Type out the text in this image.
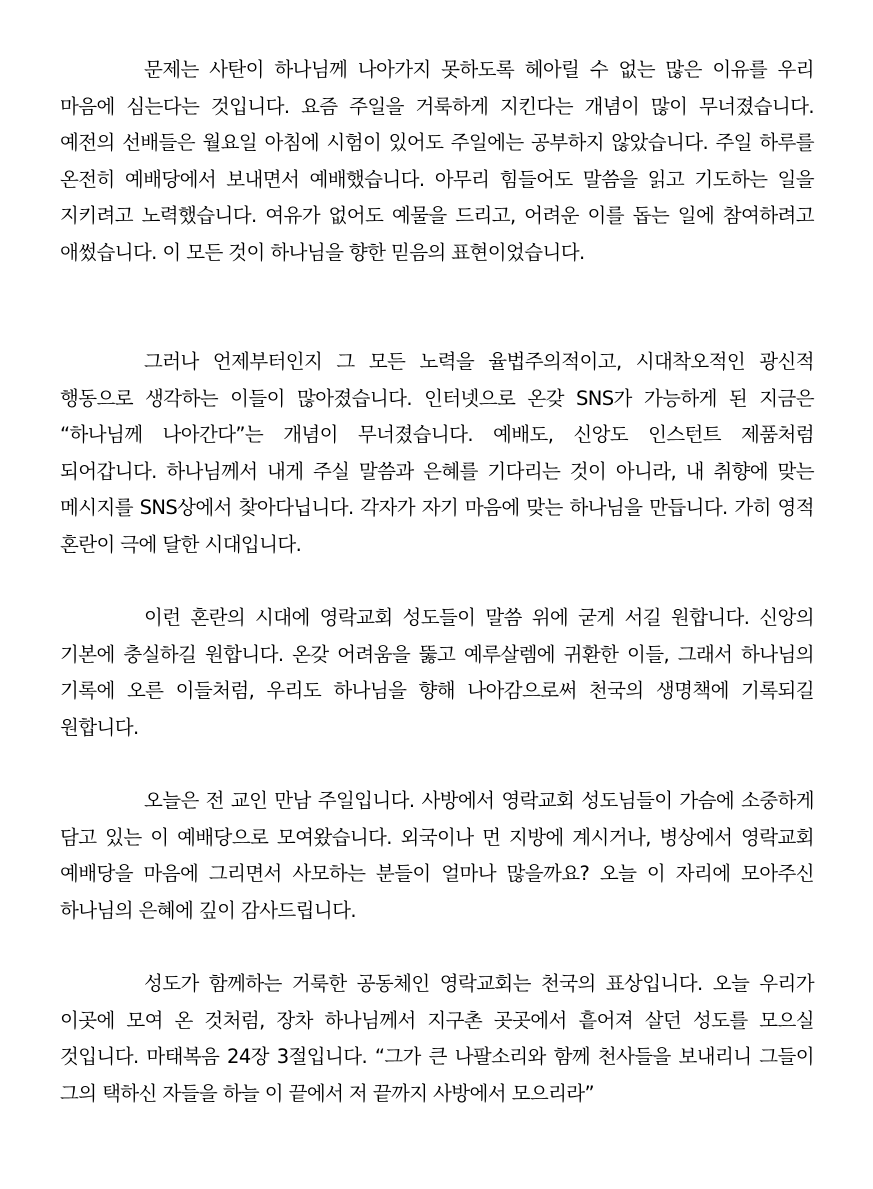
문제는 사탄이 하나님께 나아가지 못하도록 헤아릴 수 없는 많은 이유를 우리 마음에 심는다는 것입니다. 요즘 주일을 거룩하게 지킨다는 개념이 많이 무너졌습니다. 예전의 선배들은 월요일 아침에 시험이 있어도 주일에는 공부하지 않았습니다. 주일 하루를 온전히 예배당에서 보내면서 예배했습니다. 아무리 힘들어도 말씀을 읽고 기도하는 일을 지키려고 노력했습니다. 여유가 없어도 예물을 드리고, 어려운 이를 돕는 일에 참여하려고 애썼습니다. 이 모든 것이 하나님을 향한 믿음의 표현이었습니다.

그러나 언제부터인지 그 모든 노력을 율법주의적이고, 시대착오적인 광신적 행동으로 생각하는 이들이 많아졌습니다. 인터넷으로 온갖 SNS가 가능하게 된 지금은 “하나님께 나아간다”는 개념이 무너졌습니다. 예배도, 신앙도 인스턴트 제품처럼 되어갑니다. 하나님께서 내게 주실 말씀과 은혜를 기다리는 것이 아니라, 내 취향에 맞는 메시지를 SNS상에서 찾아다닙니다. 각자가 자기 마음에 맞는 하나님을 만듭니다. 가히 영적 혼란이 극에 달한 시대입니다.

이런 혼란의 시대에 영락교회 성도들이 말씀 위에 굳게 서길 원합니다. 신앙의 기본에 충실하길 원합니다. 온갖 어려움을 뚫고 예루살렘에 귀환한 이들, 그래서 하나님의 기록에 오른 이들처럼, 우리도 하나님을 향해 나아감으로써 천국의 생명책에 기록되길 원합니다.

오늘은 전 교인 만남 주일입니다. 사방에서 영락교회 성도님들이 가슴에 소중하게 담고 있는 이 예배당으로 모여왔습니다. 외국이나 먼 지방에 계시거나, 병상에서 영락교회 예배당을 마음에 그리면서 사모하는 분들이 얼마나 많을까요? 오늘 이 자리에 모아주신 하나님의 은혜에 깊이 감사드립니다.

성도가 함께하는 거룩한 공동체인 영락교회는 천국의 표상입니다. 오늘 우리가 이곳에 모여 온 것처럼, 장차 하나님께서 지구촌 곳곳에서 흩어져 살던 성도를 모으실 것입니다. 마태복음 24장 3절입니다. “그가 큰 나팔소리와 함께 천사들을 보내리니 그들이 그의 택하신 자들을 하늘 이 끝에서 저 끝까지 사방에서 모으리라”
